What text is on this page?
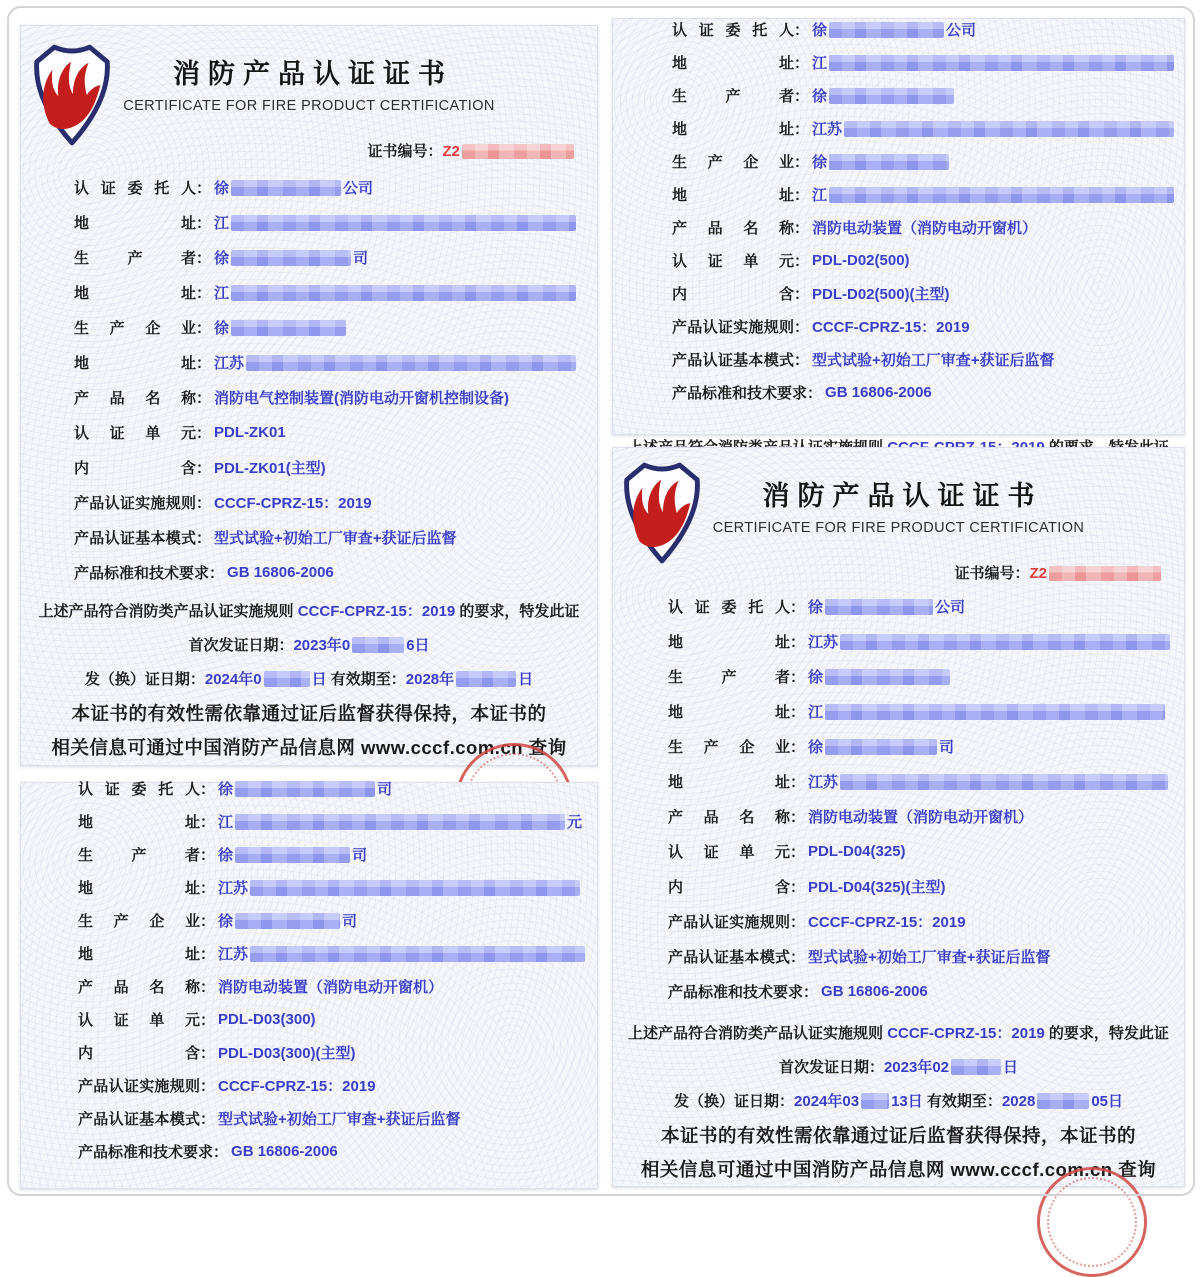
消防产品认证证书
CERTIFICATE FOR FIRE PRODUCT CERTIFICATION
证书编号：Z2
认证委托人 ： 徐	公司
地　　　址 ： 江
生　产　者 ： 徐	司
地　　　址 ： 江
生 产 企 业 ： 徐
地　　　址 ： 江苏
产 品 名 称 ： 消防电气控制装置(消防电动开窗机控制设备)
认 证 单 元 ： PDL-ZK01
内　　　含 ： PDL-ZK01(主型)
产品认证实施规则 ： CCCF-CPRZ-15：2019
产品认证基本模式 ： 型式试验+初始工厂审查+获证后监督
产品标准和技术要求 ： GB 16806-2006
上述产品符合消防类产品认证实施规则 CCCF-CPRZ-15：2019 的要求，特发此证
首次发证日期：2023年0	6日
发（换）证日期：2024年0	日 有效期至：2028年	日
本证书的有效性需依靠通过证后监督获得保持，本证书的
相关信息可通过中国消防产品信息网 www.cccf.com.cn 查询
认证委托人 ： 徐	公司
地　　　址 ： 江
生　产　者 ： 徐
地　　　址 ： 江苏
生 产 企 业 ： 徐
地　　　址 ： 江
产 品 名 称 ： 消防电动装置（消防电动开窗机）
认 证 单 元 ： PDL-D02(500)
内　　　含 ： PDL-D02(500)(主型)
产品认证实施规则 ： CCCF-CPRZ-15：2019
产品认证基本模式 ： 型式试验+初始工厂审查+获证后监督
产品标准和技术要求 ： GB 16806-2006
认证委托人 ： 徐	司
地　　　址 ： 江	元
生　产　者 ： 徐	司
地　　　址 ： 江苏
生 产 企 业 ： 徐	司
地　　　址 ： 江苏
产 品 名 称 ： 消防电动装置（消防电动开窗机）
认 证 单 元 ： PDL-D03(300)
内　　　含 ： PDL-D03(300)(主型)
产品认证实施规则 ： CCCF-CPRZ-15：2019
产品认证基本模式 ： 型式试验+初始工厂审查+获证后监督
产品标准和技术要求 ： GB 16806-2006
消防产品认证证书
CERTIFICATE FOR FIRE PRODUCT CERTIFICATION
证书编号：Z2
认证委托人 ： 徐	公司
地　　　址 ： 江苏
生　产　者 ： 徐
地　　　址 ： 江
生 产 企 业 ： 徐	司
地　　　址 ： 江苏
产 品 名 称 ： 消防电动装置（消防电动开窗机）
认 证 单 元 ： PDL-D04(325)
内　　　含 ： PDL-D04(325)(主型)
产品认证实施规则 ： CCCF-CPRZ-15：2019
产品认证基本模式 ： 型式试验+初始工厂审查+获证后监督
产品标准和技术要求 ： GB 16806-2006
上述产品符合消防类产品认证实施规则 CCCF-CPRZ-15：2019 的要求，特发此证
首次发证日期：2023年02	日
发（换）证日期：2024年03 13日 有效期至：2028	05日
本证书的有效性需依靠通过证后监督获得保持，本证书的
相关信息可通过中国消防产品信息网 www.cccf.com.cn 查询
